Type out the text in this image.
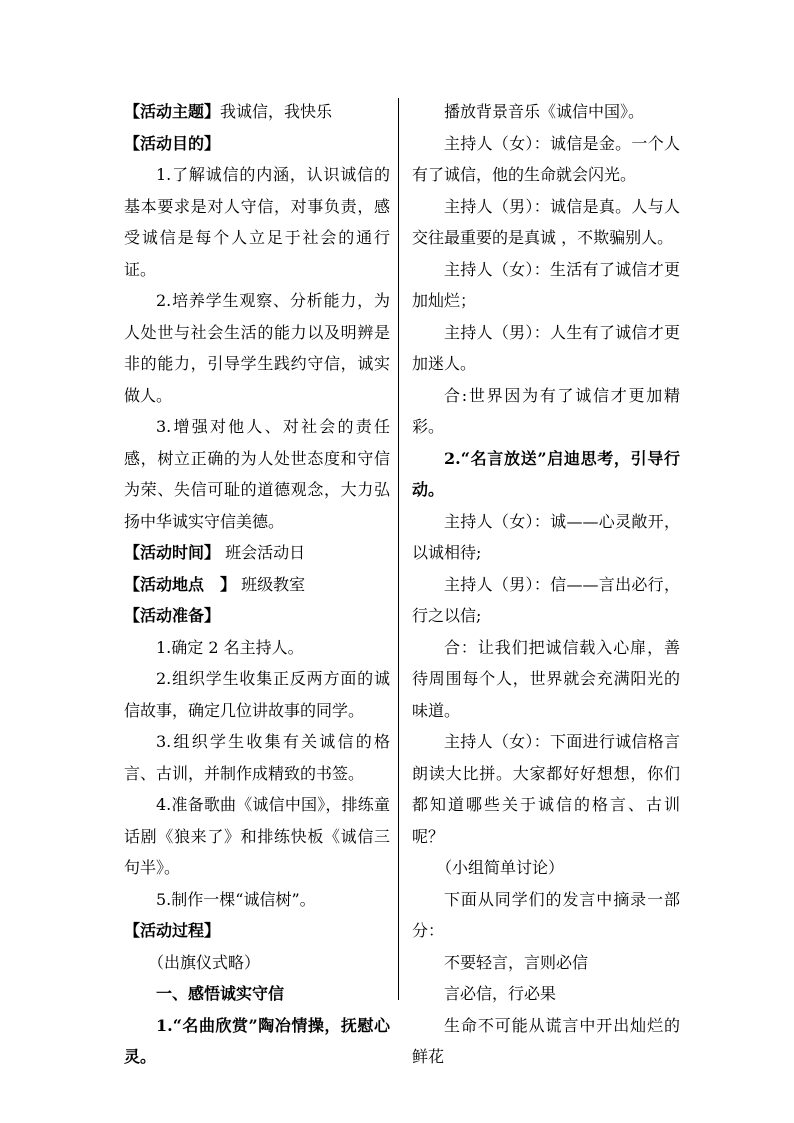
【活动主题】我诚信，我快乐

【活动目的】

1.了解诚信的内涵，认识诚信的基本要求是对人守信，对事负责，感受诚信是每个人立足于社会的通行证。

2.培养学生观察、分析能力，为人处世与社会生活的能力以及明辨是非的能力，引导学生践约守信，诚实做人。

3.增强对他人、对社会的责任感，树立正确的为人处世态度和守信为荣、失信可耻的道德观念，大力弘扬中华诚实守信美德。

【活动时间】 班会活动日

【活动地点　】 班级教室

【活动准备】

1.确定 2 名主持人。

2.组织学生收集正反两方面的诚信故事，确定几位讲故事的同学。

3.组织学生收集有关诚信的格言、古训，并制作成精致的书签。

4.准备歌曲《诚信中国》，排练童话剧《狼来了》和排练快板《诚信三句半》。

5.制作一棵“诚信树”。

【活动过程】

（出旗仪式略）

一、感悟诚实守信

1.“名曲欣赏”陶冶情操，抚慰心灵。

播放背景音乐《诚信中国》。

主持人（女）：诚信是金。一个人有了诚信，他的生命就会闪光。

主持人（男）：诚信是真。人与人交往最重要的是真诚 ，不欺骗别人。

主持人（女）：生活有了诚信才更加灿烂；

主持人（男）：人生有了诚信才更加迷人。

合:世界因为有了诚信才更加精彩。

2.“名言放送”启迪思考，引导行动。

主持人（女）：诚——心灵敞开，以诚相待;

主持人（男）：信——言出必行，行之以信;

合：让我们把诚信载入心扉，善待周围每个人，世界就会充满阳光的味道。

主持人（女）：下面进行诚信格言朗读大比拼。大家都好好想想，你们都知道哪些关于诚信的格言、古训呢？

（小组简单讨论）

下面从同学们的发言中摘录一部分：

不要轻言，言则必信

言必信，行必果

生命不可能从谎言中开出灿烂的鲜花
